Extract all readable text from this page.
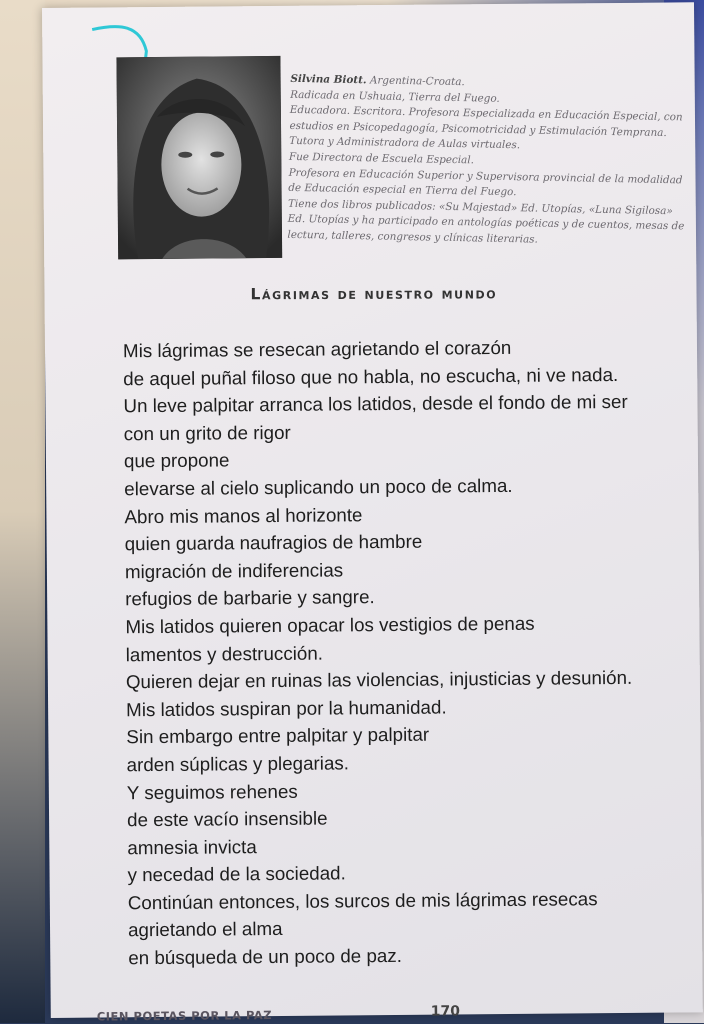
Silvina Biott. Argentina-Croata.
Radicada en Ushuaia, Tierra del Fuego.
Educadora. Escritora. Profesora Especializada en Educación Especial, con
estudios en Psicopedagogía, Psicomotricidad y Estimulación Temprana.
Tutora y Administradora de Aulas virtuales.
Fue Directora de Escuela Especial.
Profesora en Educación Superior y Supervisora provincial de la modalidad
de Educación especial en Tierra del Fuego.
Tiene dos libros publicados: «Su Majestad» Ed. Utopías, «Luna Sigilosa»
Ed. Utopías y ha participado en antologías poéticas y de cuentos, mesas de
lectura, talleres, congresos y clínicas literarias.
Lágrimas de nuestro mundo
Mis lágrimas se resecan agrietando el corazón
de aquel puñal filoso que no habla, no escucha, ni ve nada.
Un leve palpitar arranca los latidos, desde el fondo de mi ser
con un grito de rigor
que propone
elevarse al cielo suplicando un poco de calma.
Abro mis manos al horizonte
quien guarda naufragios de hambre
migración de indiferencias
refugios de barbarie y sangre.
Mis latidos quieren opacar los vestigios de penas
lamentos y destrucción.
Quieren dejar en ruinas las violencias, injusticias y desunión.
Mis latidos suspiran por la humanidad.
Sin embargo entre palpitar y palpitar
arden súplicas y plegarias.
Y seguimos rehenes
de este vacío insensible
amnesia invicta
y necedad de la sociedad.
Continúan entonces, los surcos de mis lágrimas resecas
agrietando el alma
en búsqueda de un poco de paz.
CIEN POETAS POR LA PAZ	170
